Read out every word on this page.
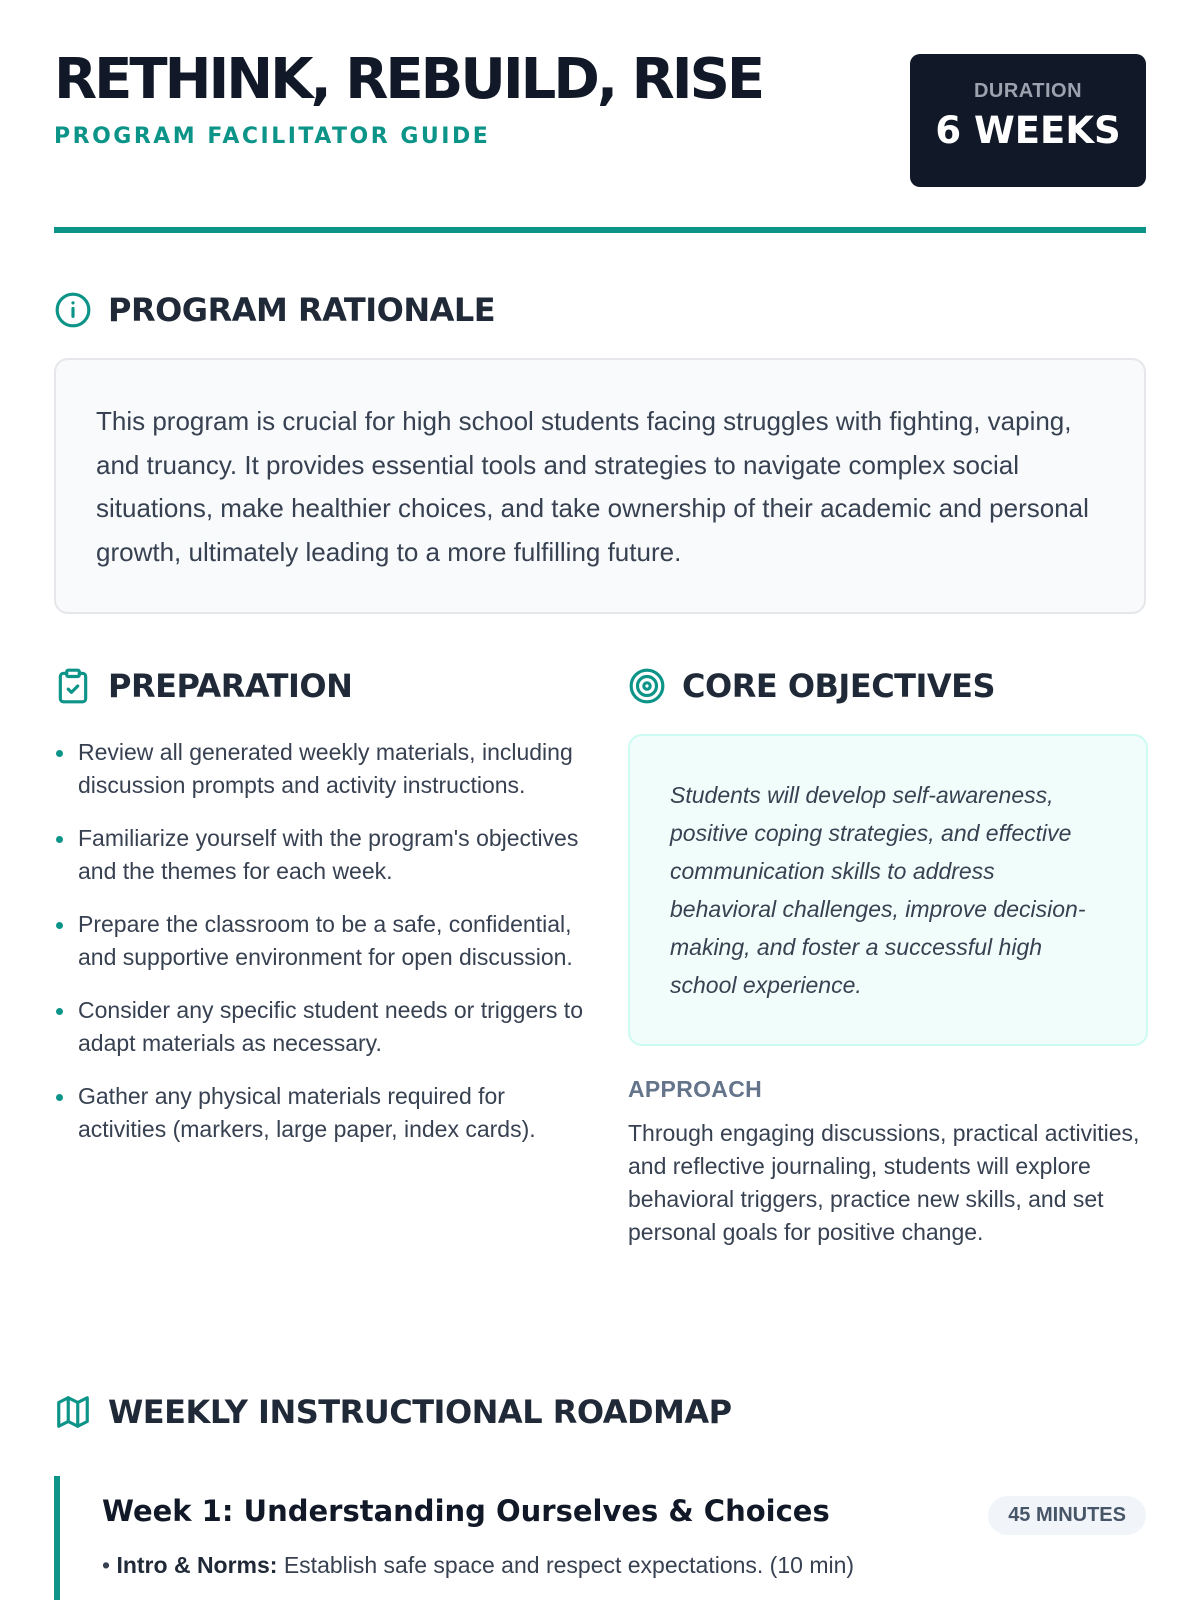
RETHINK, REBUILD, RISE
PROGRAM FACILITATOR GUIDE
DURATION
6 WEEKS
PROGRAM RATIONALE
This program is crucial for high school students facing struggles with fighting, vaping, and truancy. It provides essential tools and strategies to navigate complex social situations, make healthier choices, and take ownership of their academic and personal growth, ultimately leading to a more fulfilling future.
PREPARATION
Review all generated weekly materials, including discussion prompts and activity instructions.
Familiarize yourself with the program's objectives and the themes for each week.
Prepare the classroom to be a safe, confidential, and supportive environment for open discussion.
Consider any specific student needs or triggers to adapt materials as necessary.
Gather any physical materials required for activities (markers, large paper, index cards).
CORE OBJECTIVES
Students will develop self-awareness, positive coping strategies, and effective communication skills to address behavioral challenges, improve decision-making, and foster a successful high school experience.
APPROACH
Through engaging discussions, practical activities, and reflective journaling, students will explore behavioral triggers, practice new skills, and set personal goals for positive change.
WEEKLY INSTRUCTIONAL ROADMAP
Week 1: Understanding Ourselves & Choices	45 MINUTES
• Intro & Norms: Establish safe space and respect expectations. (10 min)
